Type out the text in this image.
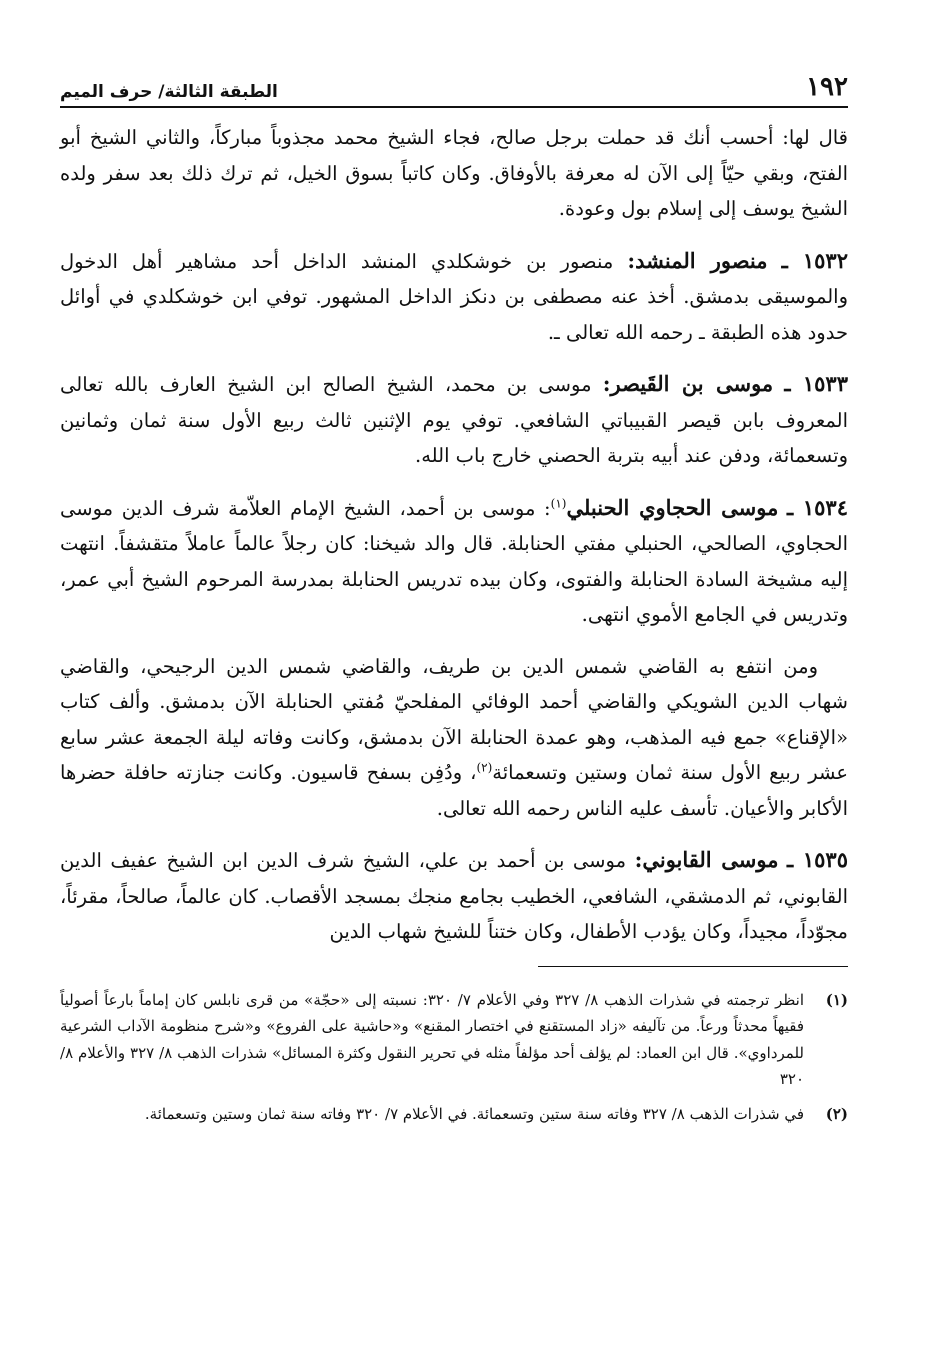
١٩٢
الطبقة الثالثة/ حرف الميم

قال لها: أحسب أنك قد حملت برجل صالح، فجاء الشيخ محمد مجذوباً مباركاً، والثاني الشيخ أبو الفتح، وبقي حيّاً إلى الآن له معرفة بالأوفاق. وكان كاتباً بسوق الخيل، ثم ترك ذلك بعد سفر ولده الشيخ يوسف إلى إسلام بول وعودة.

١٥٣٢ ـ منصور المنشد: منصور بن خوشكلدي المنشد الداخل أحد مشاهير أهل الدخول والموسيقى بدمشق. أخذ عنه مصطفى بن دنكز الداخل المشهور. توفي ابن خوشكلدي في أوائل حدود هذه الطبقة ـ رحمه الله تعالى ـ.

١٥٣٣ ـ موسى بن القَيصر: موسى بن محمد، الشيخ الصالح ابن الشيخ العارف بالله تعالى المعروف بابن قيصر القبيباتي الشافعي. توفي يوم الإثنين ثالث ربيع الأول سنة ثمان وثمانين وتسعمائة، ودفن عند أبيه بتربة الحصني خارج باب الله.

١٥٣٤ ـ موسى الحجاوي الحنبلي$^{(١)}$: موسى بن أحمد، الشيخ الإمام العلاّمة شرف الدين موسى الحجاوي، الصالحي، الحنبلي مفتي الحنابلة. قال والد شيخنا: كان رجلاً عالماً عاملاً متقشفاً. انتهت إليه مشيخة السادة الحنابلة والفتوى، وكان بيده تدريس الحنابلة بمدرسة المرحوم الشيخ أبي عمر، وتدريس في الجامع الأموي انتهى.

ومن انتفع به القاضي شمس الدين بن طريف، والقاضي شمس الدين الرجيحي، والقاضي شهاب الدين الشويكي والقاضي أحمد الوفائي المفلحيّ مُفتي الحنابلة الآن بدمشق. وألف كتاب «الإقناع» جمع فيه المذهب، وهو عمدة الحنابلة الآن بدمشق، وكانت وفاته ليلة الجمعة عشر سابع عشر ربيع الأول سنة ثمان وستين وتسعمائة$^{(٢)}$، ودُفِن بسفح قاسيون. وكانت جنازته حافلة حضرها الأكابر والأعيان. تأسف عليه الناس رحمه الله تعالى.

١٥٣٥ ـ موسى القابوني: موسى بن أحمد بن علي، الشيخ شرف الدين ابن الشيخ عفيف الدين القابوني، ثم الدمشقي، الشافعي، الخطيب بجامع منجك بمسجد الأقصاب. كان عالماً، صالحاً، مقرئاً، مجوّداً، مجيداً، وكان يؤدب الأطفال، وكان ختناً للشيخ شهاب الدين

(١)
انظر ترجمته في شذرات الذهب ٨/ ٣٢٧ وفي الأعلام ٧/ ٣٢٠: نسبته إلى «حجّة» من قرى نابلس كان إماماً بارعاً أصولياً فقيهاً محدثاً ورعاً. من تآليفه «زاد المستقنع في اختصار المقنع» و«حاشية على الفروع» و«شرح منظومة الآداب الشرعية للمرداوي». قال ابن العماد: لم يؤلف أحد مؤلفاً مثله في تحرير النقول وكثرة المسائل» شذرات الذهب ٨/ ٣٢٧ والأعلام ٨/ ٣٢٠
(٢)
في شذرات الذهب ٨/ ٣٢٧ وفاته سنة ستين وتسعمائة. في الأعلام ٧/ ٣٢٠ وفاته سنة ثمان وستين وتسعمائة.
